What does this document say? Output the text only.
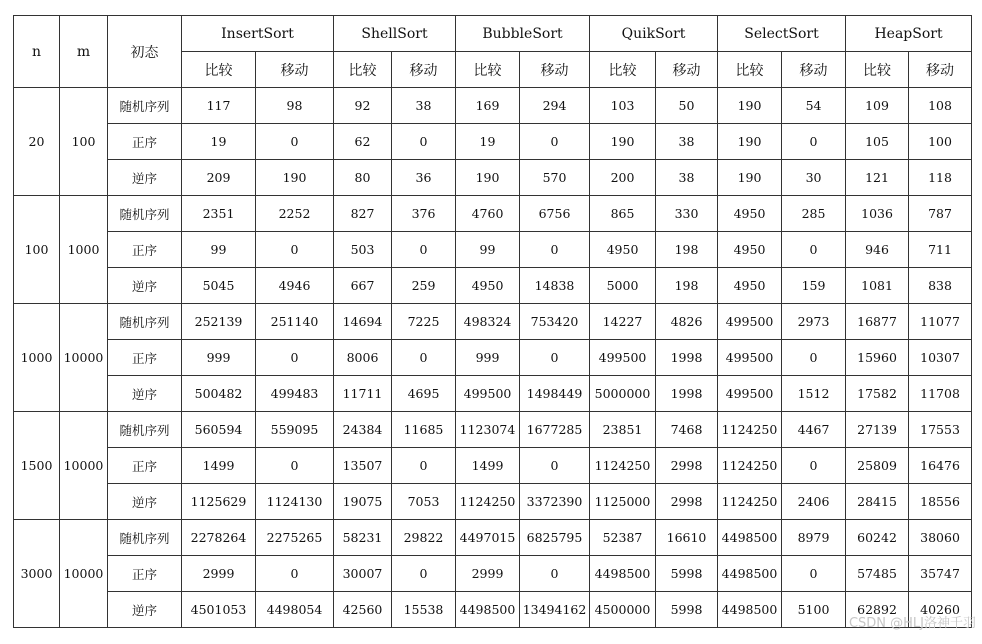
n	m	初态	InsertSort		ShellSort		BubbleSort		QuikSort		SelectSort		HeapSort	
			比较	移动	比较	移动	比较	移动	比较	移动	比较	移动	比较	移动
20	100	随机序列	117	98	92	38	169	294	103	50	190	54	109	108
		正序	19	0	62	0	19	0	190	38	190	0	105	100
		逆序	209	190	80	36	190	570	200	38	190	30	121	118
100	1000	随机序列	2351	2252	827	376	4760	6756	865	330	4950	285	1036	787
		正序	99	0	503	0	99	0	4950	198	4950	0	946	711
		逆序	5045	4946	667	259	4950	14838	5000	198	4950	159	1081	838
1000	10000	随机序列	252139	251140	14694	7225	498324	753420	14227	4826	499500	2973	16877	11077
		正序	999	0	8006	0	999	0	499500	1998	499500	0	15960	10307
		逆序	500482	499483	11711	4695	499500	1498449	5000000	1998	499500	1512	17582	11708
1500	10000	随机序列	560594	559095	24384	11685	1123074	1677285	23851	7468	1124250	4467	27139	17553
		正序	1499	0	13507	0	1499	0	1124250	2998	1124250	0	25809	16476
		逆序	1125629	1124130	19075	7053	1124250	3372390	1125000	2998	1124250	2406	28415	18556
3000	10000	随机序列	2278264	2275265	58231	29822	4497015	6825795	52387	16610	4498500	8979	60242	38060
		正序	2999	0	30007	0	2999	0	4498500	5998	4498500	0	57485	35747
		逆序	4501053	4498054	42560	15538	4498500	13494162	4500000	5998	4498500	5100	62892	40260
CSDN @HLJ洛神千羽
